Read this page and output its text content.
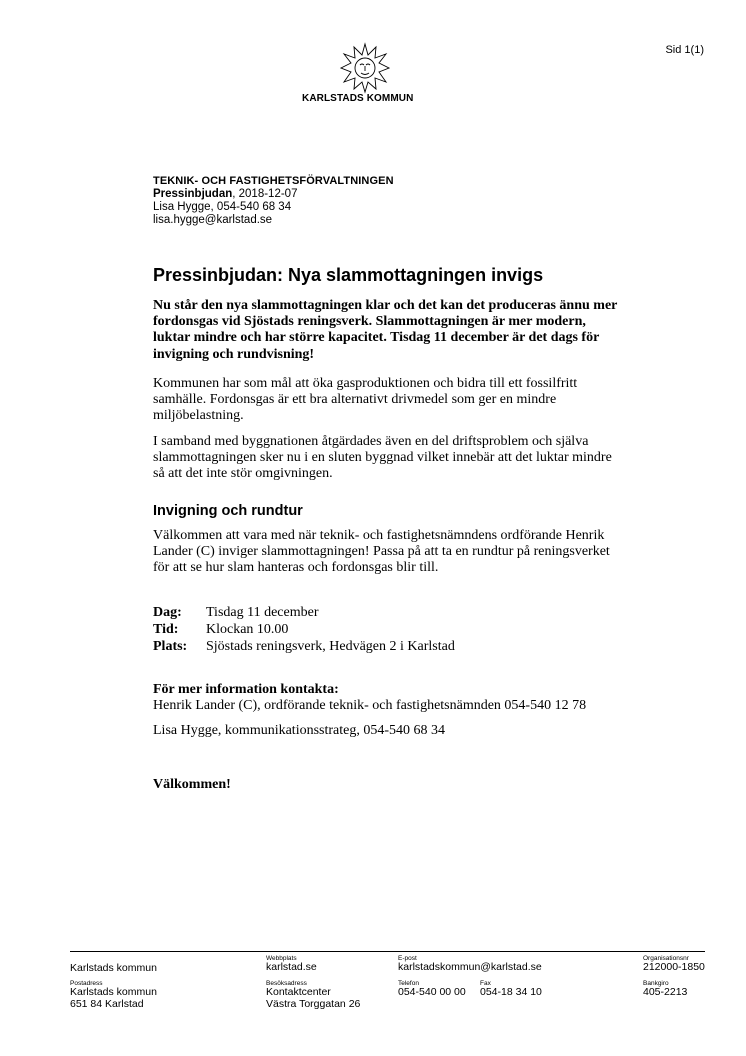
Sid 1(1)
KARLSTADS KOMMUN
TEKNIK- OCH FASTIGHETSFÖRVALTNINGEN
Pressinbjudan, 2018-12-07
Lisa Hygge, 054-540 68 34
lisa.hygge@karlstad.se
Pressinbjudan: Nya slammottagningen invigs
Nu står den nya slammottagningen klar och det kan det produceras ännu mer fordonsgas vid Sjöstads reningsverk. Slammottagningen är mer modern, luktar mindre och har större kapacitet. Tisdag 11 december är det dags för invigning och rundvisning!
Kommunen har som mål att öka gasproduktionen och bidra till ett fossilfritt samhälle. Fordonsgas är ett bra alternativt drivmedel som ger en mindre miljöbelastning.
I samband med byggnationen åtgärdades även en del driftsproblem och själva slammottagningen sker nu i en sluten byggnad vilket innebär att det luktar mindre så att det inte stör omgivningen.
Invigning och rundtur
Välkommen att vara med när teknik- och fastighetsnämndens ordförande Henrik Lander (C) inviger slammottagningen! Passa på att ta en rundtur på reningsverket för att se hur slam hanteras och fordonsgas blir till.
Dag: Tisdag 11 december
Tid: Klockan 10.00
Plats: Sjöstads reningsverk, Hedvägen 2 i Karlstad
För mer information kontakta:
Henrik Lander (C), ordförande teknik- och fastighetsnämnden 054-540 12 78
Lisa Hygge, kommunikationsstrateg, 054-540 68 34
Välkommen!
Karlstads kommun
Webbplats
karlstad.se
E-post
karlstadskommun@karlstad.se
Organisationsnr
212000-1850
Postadress
Karlstads kommun
651 84 Karlstad
Besöksadress
Kontaktcenter
Västra Torggatan 26
Telefon
054-540 00 00
Fax
054-18 34 10
Bankgiro
405-2213
